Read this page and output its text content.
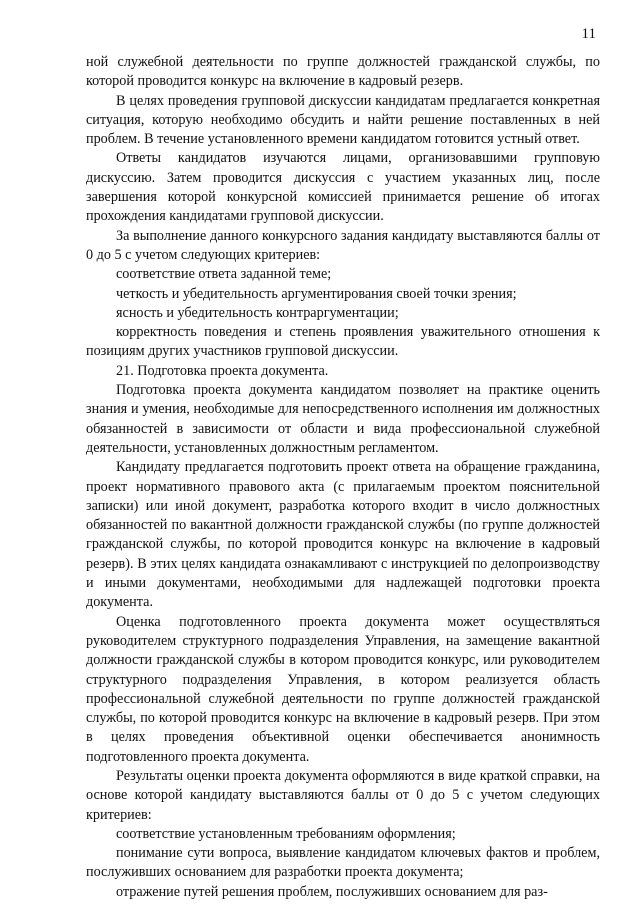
11

ной служебной деятельности по группе должностей гражданской службы, по которой проводится конкурс на включение в кадровый резерв.

В целях проведения групповой дискуссии кандидатам предлагается конкретная ситуация, которую необходимо обсудить и найти решение поставленных в ней проблем. В течение установленного времени кандидатом готовится устный ответ.

Ответы кандидатов изучаются лицами, организовавшими групповую дискуссию. Затем проводится дискуссия с участием указанных лиц, после завершения которой конкурсной комиссией принимается решение об итогах прохождения кандидатами групповой дискуссии.

За выполнение данного конкурсного задания кандидату выставляются баллы от 0 до 5 с учетом следующих критериев:

соответствие ответа заданной теме;

четкость и убедительность аргументирования своей точки зрения;

ясность и убедительность контраргументации;

корректность поведения и степень проявления уважительного отношения к позициям других участников групповой дискуссии.

21. Подготовка проекта документа.

Подготовка проекта документа кандидатом позволяет на практике оценить знания и умения, необходимые для непосредственного исполнения им должностных обязанностей в зависимости от области и вида профессиональной служебной деятельности, установленных должностным регламентом.

Кандидату предлагается подготовить проект ответа на обращение гражданина, проект нормативного правового акта (с прилагаемым проектом пояснительной записки) или иной документ, разработка которого входит в число должностных обязанностей по вакантной должности гражданской службы (по группе должностей гражданской службы, по которой проводится конкурс на включение в кадровый резерв). В этих целях кандидата ознакамливают с инструкцией по делопроизводству и иными документами, необходимыми для надлежащей подготовки проекта документа.

Оценка подготовленного проекта документа может осуществляться руководителем структурного подразделения Управления, на замещение вакантной должности гражданской службы в котором проводится конкурс, или руководителем структурного подразделения Управления, в котором реализуется область профессиональной служебной деятельности по группе должностей гражданской службы, по которой проводится конкурс на включение в кадровый резерв. При этом в целях проведения объективной оценки обеспечивается анонимность подготовленного проекта документа.

Результаты оценки проекта документа оформляются в виде краткой справки, на основе которой кандидату выставляются баллы от 0 до 5 с учетом следующих критериев:

соответствие установленным требованиям оформления;

понимание сути вопроса, выявление кандидатом ключевых фактов и проблем, послуживших основанием для разработки проекта документа;

отражение путей решения проблем, послуживших основанием для раз-
